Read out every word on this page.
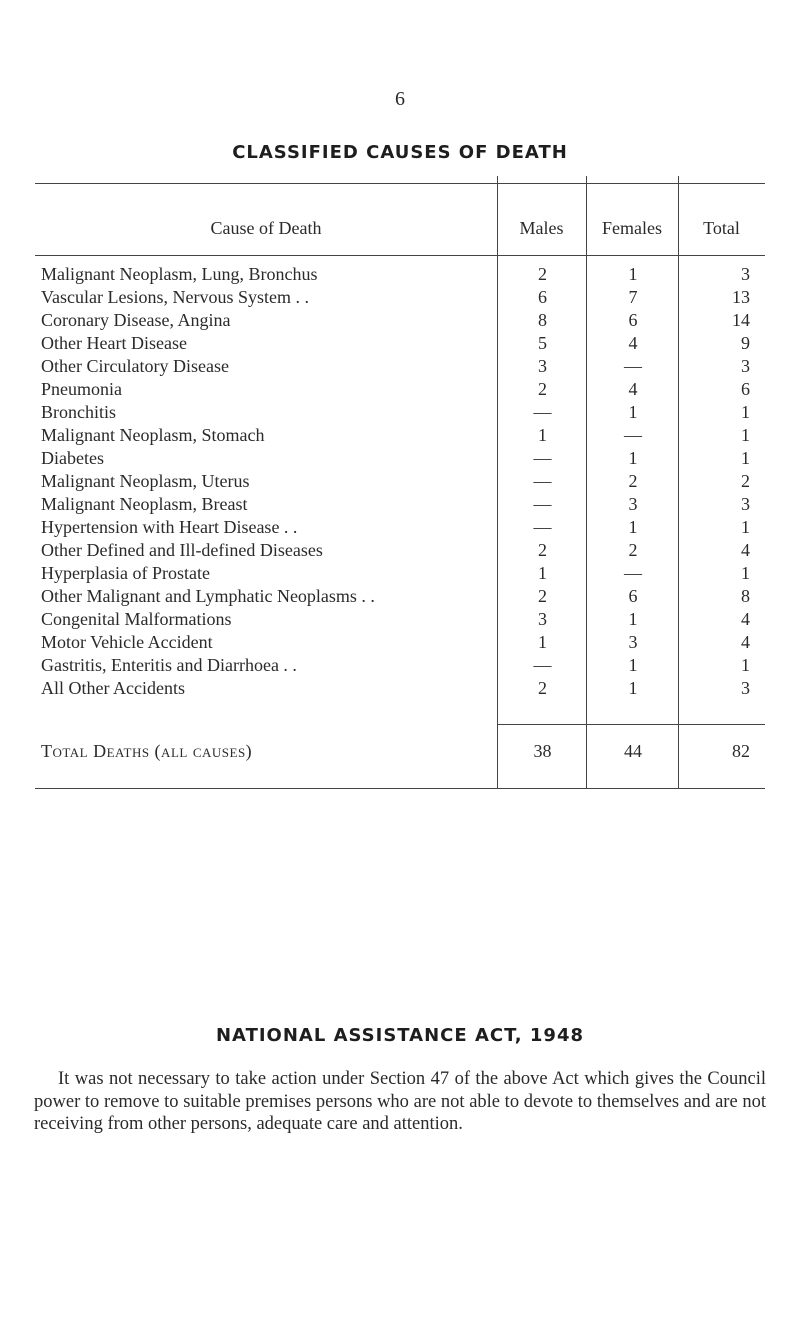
6
CLASSIFIED CAUSES OF DEATH
Cause of Death	Males	Females	Total
Malignant Neoplasm, Lung, Bronchus	. .	2	1	3
Vascular Lesions, Nervous System . .	. .	6	7	13
Coronary Disease, Angina	. . . .	8	6	14
Other Heart Disease	. . . . . .	5	4	9
Other Circulatory Disease	. . . .	3	—	3
Pneumonia	. . . . . . . .	2	4	6
Bronchitis	. . . . . . . .	—	1	1
Malignant Neoplasm, Stomach	. . . .	1	—	1
Diabetes	. . . . . . . .	—	1	1
Malignant Neoplasm, Uterus	. . . .	—	2	2
Malignant Neoplasm, Breast	. . . .	—	3	3
Hypertension with Heart Disease . .	. .	—	1	1
Other Defined and Ill-defined Diseases	. .	2	2	4
Hyperplasia of Prostate	. . . . . .	1	—	1
Other Malignant and Lymphatic Neoplasms . .	2	6	8
Congenital Malformations	. . . .	3	1	4
Motor Vehicle Accident	. . . . . .	1	3	4
Gastritis, Enteritis and Diarrhoea . .	. .	—	1	1
All Other Accidents	. . . . . .	2	1	3
Total Deaths (all causes)	. . . .	38	44	82
NATIONAL ASSISTANCE ACT, 1948
It was not necessary to take action under Section 47 of the above Act which gives the Council power to remove to suitable premises persons who are not able to devote to themselves and are not receiving from other persons, adequate care and attention.
